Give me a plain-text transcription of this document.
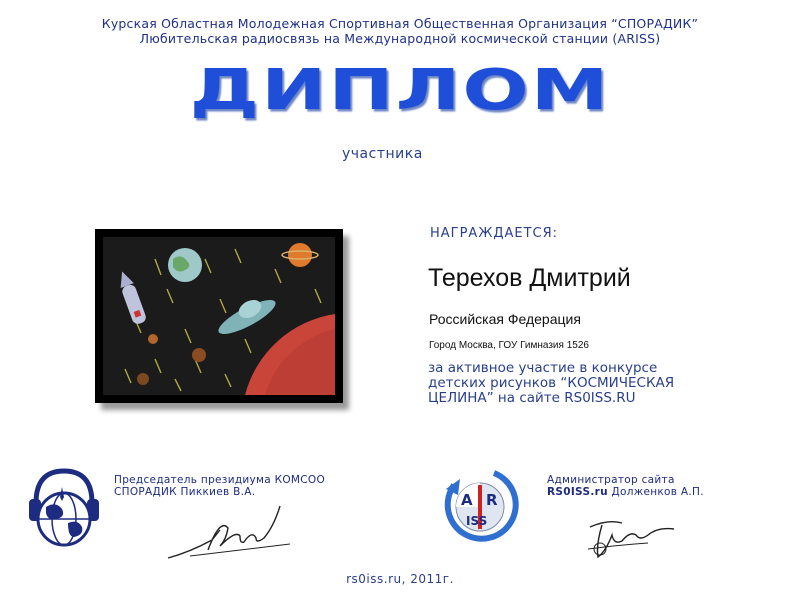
Курская Областная Молодежная Спортивная Общественная Организация “СПОРАДИК”
Любительская радиосвязь на Международной космической станции (ARISS)
ДИПЛОМ
участника
НАГРАЖДАЕТСЯ:
Терехов Дмитрий
Российская Федерация
Город Москва, ГОУ Гимназия 1526
за активное участие в конкурсе
детских рисунков “КОСМИЧЕСКАЯ
ЦЕЛИНА” на сайте RS0ISS.RU
Председатель президиума КОМСОО
СПОРАДИК Пиккиев В.А.	A R
ISS
Администратор сайта
RS0ISS.ru Долженков А.П.
rs0iss.ru, 2011г.
